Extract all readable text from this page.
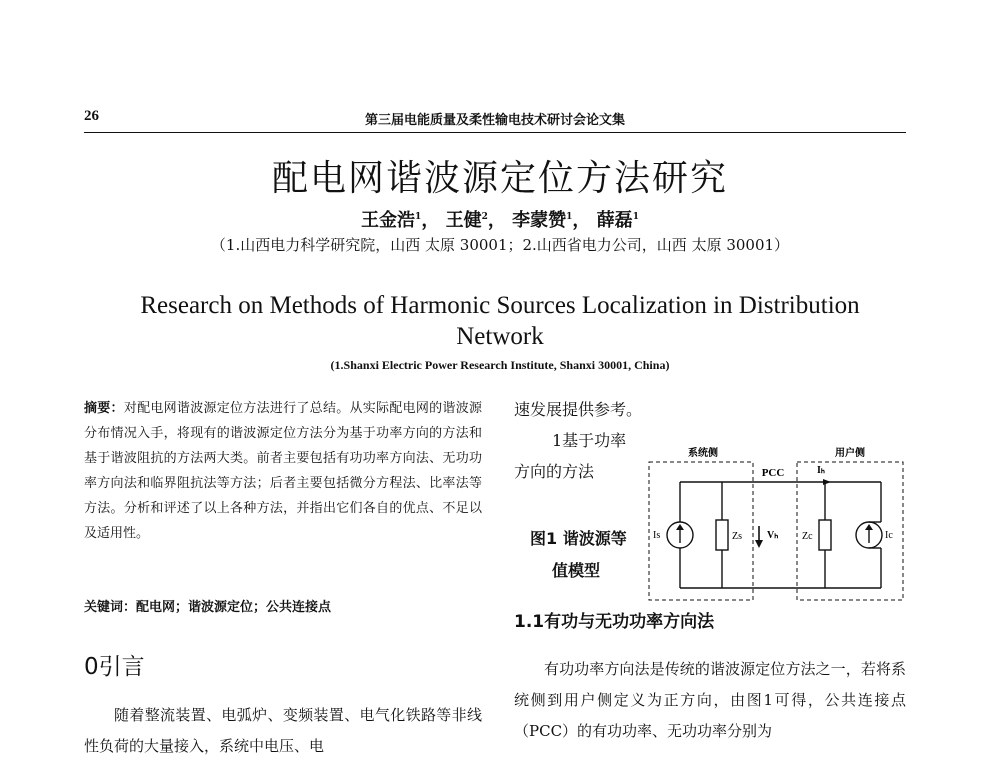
26	第三届电能质量及柔性输电技术研讨会论文集
配电网谐波源定位方法研究
王金浩$^1$， 王健$^2$， 李蒙赞$^1$， 薛磊$^1$
（1.山西电力科学研究院，山西 太原 30001；2.山西省电力公司，山西 太原 30001）
Research on Methods of Harmonic Sources Localization in Distribution Network
(1.Shanxi Electric Power Research Institute, Shanxi 30001, China)
摘要：对配电网谐波源定位方法进行了总结。从实际配电网的谐波源分布情况入手，将现有的谐波源定位方法分为基于功率方向的方法和基于谐波阻抗的方法两大类。前者主要包括有功功率方向法、无功功率方向法和临界阻抗法等方法；后者主要包括微分方程法、比率法等方法。分析和评述了以上各种方法，并指出它们各自的优点、不足以及适用性。
关键词：配电网；谐波源定位；公共连接点
0引言
随着整流装置、电弧炉、变频装置、电气化铁路等非线性负荷的大量接入，系统中电压、电
速发展提供参考。
1基于功率
方向的方法
图1 谐波源等
值模型
系统侧	用户侧
PCC	Iₕ
Is	Zs	Vₕ Zc	Ic
1.1有功与无功功率方向法
有功功率方向法是传统的谐波源定位方法之一，若将系统侧到用户侧定义为正方向，由图1可得，公共连接点（PCC）的有功功率、无功功率分别为
